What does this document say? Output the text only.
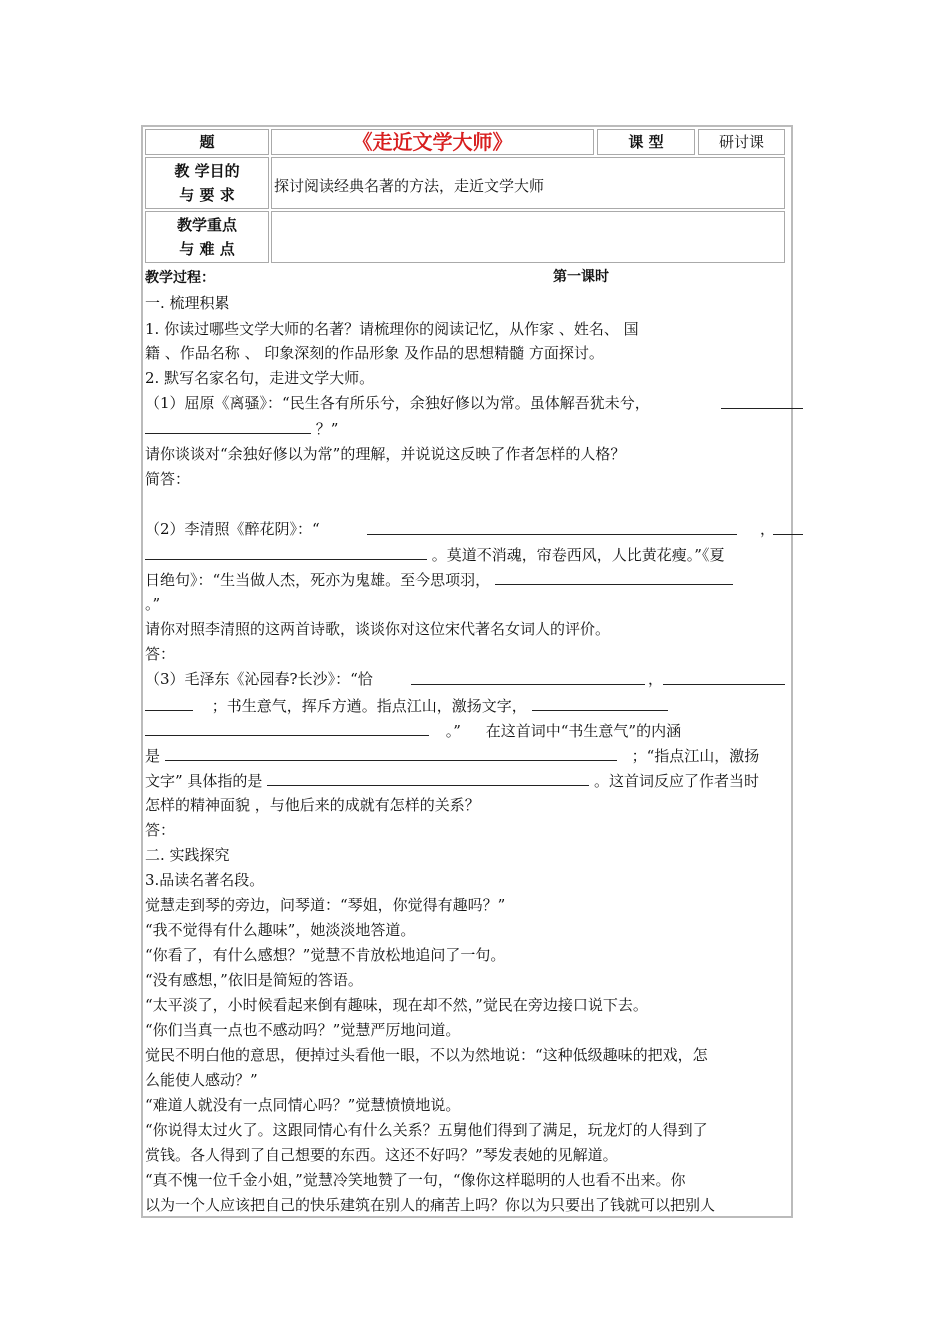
题	《走近文学大师》	课 型	研讨课
教 学目的
与 要 求	探讨阅读经典名著的方法，走近文学大师
教学重点
与 难 点
教学过程：	第一课时
一. 梳理积累
1. 你读过哪些文学大师的名著？请梳理你的阅读记忆，从作家 、姓名、 国
籍 、作品名称 、 印象深刻的作品形象 及作品的思想精髓 方面探讨。
2. 默写名家名句，走进文学大师。
（1）屈原《离骚》：“民生各有所乐兮，余独好修以为常。虽体解吾犹未兮，
？”
请你谈谈对“余独好修以为常”的理解，并说说这反映了作者怎样的人格？
简答：
（2）李清照《醉花阴》：“	，
。莫道不消魂，帘卷西风，人比黄花瘦。”《夏
日绝句》：“生当做人杰，死亦为鬼雄。至今思项羽，
。”
请你对照李清照的这两首诗歌，谈谈你对这位宋代著名女词人的评价。
答：
（3）毛泽东《沁园春?长沙》：“恰	，
；书生意气，挥斥方遒。指点江山，激扬文字，
。” 在这首词中“书生意气”的内涵
是	；“指点江山，激扬
文字” 具体指的是	。这首词反应了作者当时
怎样的精神面貌 ，与他后来的成就有怎样的关系？
答：
二. 实践探究
3.品读名著名段。
觉慧走到琴的旁边，问琴道：“琴姐，你觉得有趣吗？”
“我不觉得有什么趣味”，她淡淡地答道。
“你看了，有什么感想？”觉慧不肯放松地追问了一句。
“没有感想，”依旧是简短的答语。
“太平淡了，小时候看起来倒有趣味，现在却不然，”觉民在旁边接口说下去。
“你们当真一点也不感动吗？”觉慧严厉地问道。
觉民不明白他的意思，便掉过头看他一眼，不以为然地说：“这种低级趣味的把戏，怎
么能使人感动？”
“难道人就没有一点同情心吗？”觉慧愤愤地说。
“你说得太过火了。这跟同情心有什么关系？五舅他们得到了满足，玩龙灯的人得到了
赏钱。各人得到了自己想要的东西。这还不好吗？”琴发表她的见解道。
“真不愧一位千金小姐，”觉慧冷笑地赞了一句，“像你这样聪明的人也看不出来。你
以为一个人应该把自己的快乐建筑在别人的痛苦上吗？你以为只要出了钱就可以把别人
